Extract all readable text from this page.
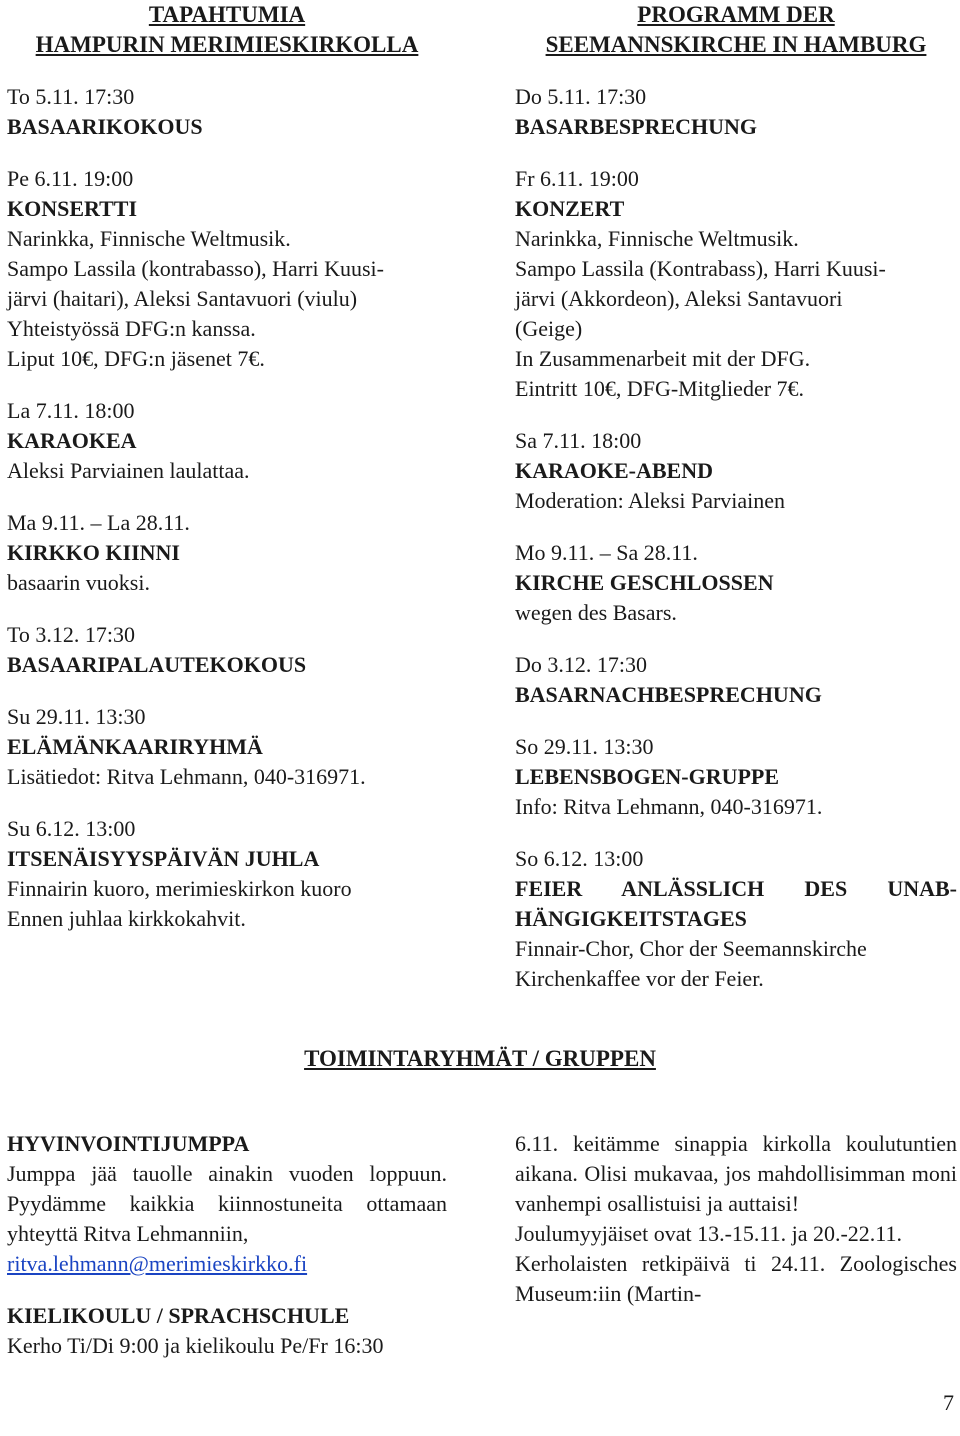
TAPAHTUMIA
HAMPURIN MERIMIESKIRKOLLA
To 5.11. 17:30
BASAARIKOKOUS
Pe 6.11. 19:00
KONSERTTI
Narinkka, Finnische Weltmusik.
Sampo Lassila (kontrabasso), Harri Kuusi-
järvi (haitari), Aleksi Santavuori (viulu)
Yhteistyössä DFG:n kanssa.
Liput 10€, DFG:n jäsenet 7€.
La 7.11. 18:00
KARAOKEA
Aleksi Parviainen laulattaa.
Ma 9.11. – La 28.11.
KIRKKO KIINNI
basaarin vuoksi.
To 3.12. 17:30
BASAARIPALAUTEKOKOUS
Su 29.11. 13:30
ELÄMÄNKAARIRYHMÄ
Lisätiedot: Ritva Lehmann, 040-316971.
Su 6.12. 13:00
ITSENÄISYYSPÄIVÄN JUHLA
Finnairin kuoro, merimieskirkon kuoro
Ennen juhlaa kirkkokahvit.
PROGRAMM DER
SEEMANNSKIRCHE IN HAMBURG
Do 5.11. 17:30
BASARBESPRECHUNG
Fr 6.11. 19:00
KONZERT
Narinkka, Finnische Weltmusik.
Sampo Lassila (Kontrabass), Harri Kuusi-
järvi (Akkordeon), Aleksi Santavuori
(Geige)
In Zusammenarbeit mit der DFG.
Eintritt 10€, DFG-Mitglieder 7€.
Sa 7.11. 18:00
KARAOKE-ABEND
Moderation: Aleksi Parviainen
Mo 9.11. – Sa 28.11.
KIRCHE GESCHLOSSEN
wegen des Basars.
Do 3.12. 17:30
BASARNACHBESPRECHUNG
So 29.11. 13:30
LEBENSBOGEN-GRUPPE
Info: Ritva Lehmann, 040-316971.
So 6.12. 13:00
FEIER ANLÄSSLICH DES UNAB-
HÄNGIGKEITSTAGES
Finnair-Chor, Chor der Seemannskirche
Kirchenkaffee vor der Feier.
TOIMINTARYHMÄT / GRUPPEN
HYVINVOINTIJUMPPA
Jumppa jää tauolle ainakin vuoden loppuun. Pyydämme kaikkia kiinnostuneita ottamaan yhteyttä Ritva Lehmanniin,
ritva.lehmann@merimieskirkko.fi
KIELIKOULU / SPRACHSCHULE
Kerho Ti/Di 9:00 ja kielikoulu Pe/Fr 16:30
6.11. keitämme sinappia kirkolla koulutuntien aikana. Olisi mukavaa, jos mahdollisimman moni vanhempi osallistuisi ja auttaisi!
Joulumyyjäiset ovat 13.-15.11. ja 20.-22.11.
Kerholaisten retkipäivä ti 24.11. Zoologisches Museum:iin (Martin-
7
